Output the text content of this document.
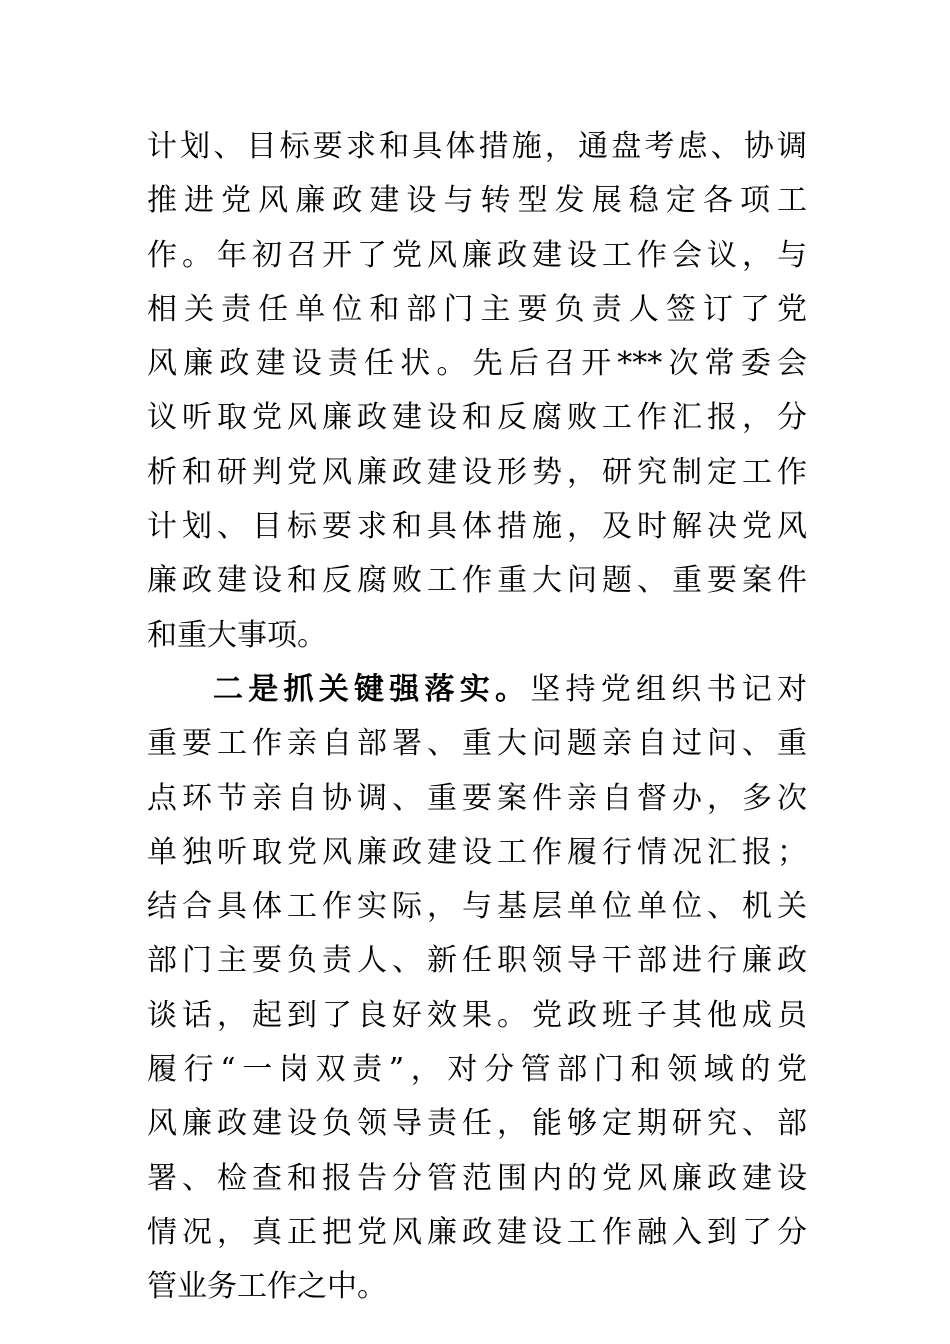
计划、目标要求和具体措施，通盘考虑、协调
推进党风廉政建设与转型发展稳定各项工
作。年初召开了党风廉政建设工作会议，与
相关责任单位和部门主要负责人签订了党
风廉政建设责任状。先后召开***次常委会
议听取党风廉政建设和反腐败工作汇报，分
析和研判党风廉政建设形势，研究制定工作
计划、目标要求和具体措施，及时解决党风
廉政建设和反腐败工作重大问题、重要案件
和重大事项。
二是抓关键强落实。坚持党组织书记对
重要工作亲自部署、重大问题亲自过问、重
点环节亲自协调、重要案件亲自督办，多次
单独听取党风廉政建设工作履行情况汇报；
结合具体工作实际，与基层单位单位、机关
部门主要负责人、新任职领导干部进行廉政
谈话，起到了良好效果。党政班子其他成员
履行“一岗双责”，对分管部门和领域的党
风廉政建设负领导责任，能够定期研究、部
署、检查和报告分管范围内的党风廉政建设
情况，真正把党风廉政建设工作融入到了分
管业务工作之中。
